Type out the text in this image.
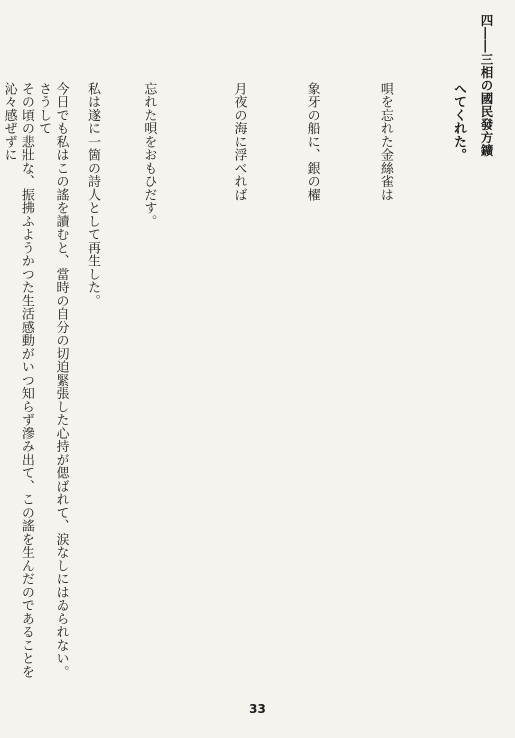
四――三相の國民發方鑛

へてくれた。

唄を忘れた金絲雀は

象牙の船に、銀の櫂

月夜の海に浮べれば

忘れた唄をおもひだす。

私は遂に一箇の詩人として再生した。

今日でも私はこの謠を讀むと、當時の自分の切迫緊張した心持が偲ばれて、涙なしにはゐられない。さうして

その頃の悲壯な、振拂ふようかつた生活感動がいつ知らず滲み出て、この謠を生んだのであることを沁々感ぜずに

33
